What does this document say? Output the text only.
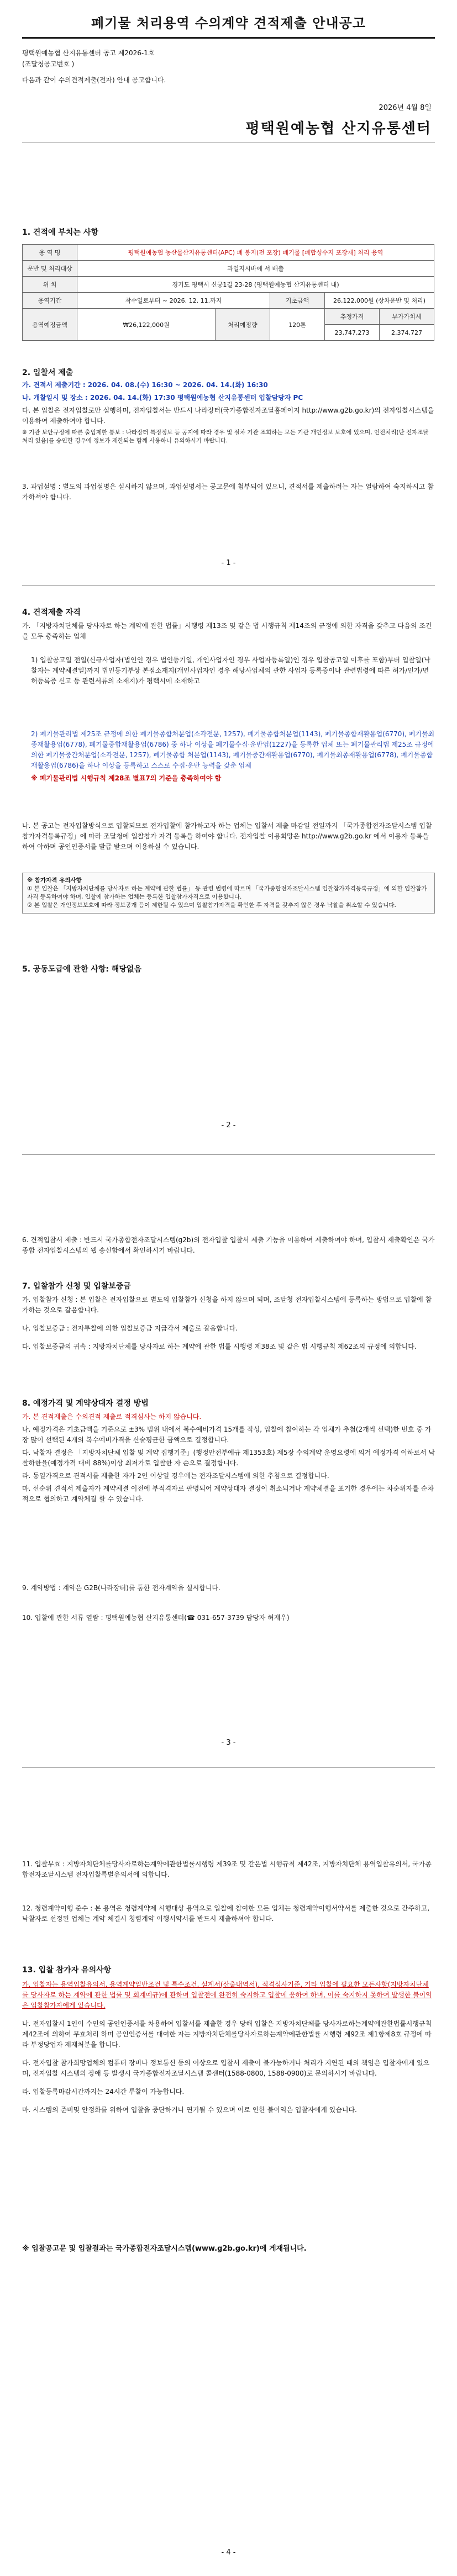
폐기물 처리용역 수의계약 견적제출 안내공고
평택원예농협 산지유통센터 공고 제2026-1호
(조달청공고번호 )
다음과 같이 수의견적제출(전자) 안내 공고합니다.
2026년 4월 8일
평택원예농협 산지유통센터
1. 견적에 부치는 사항
용 역 명	평택원예농협 농산물산지유통센터(APC) 폐 봉지(전 포장) 폐기물 [폐합성수지 포장재] 처리 용역				
운반 및 처리대상	과일지시바에 서 배출				
위 치	경기도 평택시 신궁1길 23-28 (평택원예농협 산지유통센터 내)				
용역기간	착수일로부터 ~ 2026. 12. 11.까지		기초금액	26,122,000원 (상차운반 및 처리)	
용역예정금액	₩26,122,000원	처리예정량	120톤	추정가격	부가가치세
				23,747,273	2,374,727
2. 입찰서 제출

가. 견적서 제출기간 : 2026. 04. 08.(수) 16:30 ~ 2026. 04. 14.(화) 16:30

나. 개찰일시 및 장소 : 2026. 04. 14.(화) 17:30 평택원예농협 산지유통센터 입찰담당자 PC

다. 본 입찰은 전자입찰로만 실행하며, 전자입찰서는 반드시 나라장터(국가종합전자조달홈페이지 http://www.g2b.go.kr)의 전자입찰시스템을 이용하여 제출하여야 합니다.

※ 기관 보안규정에 따른 출입제한 통보 : 나라장터 특정정보 등 공지에 따라 경우 및 절차 기관 조회하는 모든 기관 개인정보 보호에 있으며, 인전처리(단 전자조달 처리 있음)를 승인한 경우에 정보가 제한되는 함께 사용하니 유의하시기 바랍니다.

3. 과업설명 : 별도의 과업설명은 실시하지 않으며, 과업설명서는 공고문에 첨부되어 있으니, 견적서를 제출하려는 자는 열람하여 숙지하시고 참가하셔야 합니다.

- 1 -
4. 견적제출 자격

가. 「지방자치단체를 당사자로 하는 계약에 관한 법률」시행령 제13조 및 같은 법 시행규칙 제14조의 규정에 의한 자격을 갖추고 다음의 조건을 모두 충족하는 업체

1) 입찰공고일 전일(신규사업자(법인인 경우 법인등기일, 개인사업자인 경우 사업자등록일)인 경우 입찰공고일 이후를 포함)부터 입찰일(낙찰자는 계약체결일)까지 법인등기부상 본점소재지(개인사업자인 경우 해당사업체의 관한 사업자 등록증이나 관련법령에 따른 허가/인가/면허등록증 신고 등 관련서류의 소재지)가 평택시에 소재하고

2) 폐기물관리법 제25조 규정에 의한 폐기물종합처분업(소각전문, 1257), 폐기물종합처분업(1143), 폐기물종합재활용업(6770), 폐기물최종재활용업(6778), 폐기물중합재활용업(6786) 중 하나 이상을 폐기물수집·운반업(1227)을 등록한 업체 또는 폐기물관리법 제25조 규정에 의한 폐기물중간처분업(소각전문, 1257), 폐기물종합 처분업(1143), 폐기물중간재활용업(6770), 폐기물최종재활용업(6778), 폐기물종합재활용업(6786)을 하나 이상을 등록하고 스스로 수집·운반 능력을 갖춘 업체

※ 폐기물관리법 시행규칙 제28조 별표7의 기준을 충족하여야 함

나. 본 공고는 전자입찰방식으로 입찰되므로 전자입찰에 참가하고자 하는 업체는 입찰서 제출 마감일 전일까지 「국가종합전자조달시스템 입찰참가자격등록규정」에 따라 조달청에 입찰참가 자격 등록을 하여야 합니다. 전자입찰 이용희망은 http://www.g2b.go.kr 에서 이용자 등록을 하여 야하며 공인인증서를 발급 받으며 이용하실 수 있습니다.

※ 참가자격 유의사항
① 본 입찰은 「지방자치단체를 당사자로 하는 계약에 관한 법률」 등 관련 법령에 따르며 「국가종합전자조달시스템 입찰참가자격등록규정」에 의한 입찰참가자격 등록하여야 하며, 입찰에 참가하는 업체는 등록한 입찰참가자격으로 이용합니다.
② 본 입찰은 개인정보보호에 따라 정보공개 등이 제한될 수 있으며 입찰참가자격을 확인한 후 자격을 갖추지 않은 경우 낙찰을 취소할 수 있습니다.
5. 공동도급에 관한 사항: 해당없음
- 2 -

6. 견적입찰서 제출 : 반드시 국가종합전자조달시스템(g2b)의 전자입찰 입찰서 제출 기능을 이용하여 제출하여야 하며, 입찰서 제출확인은 국가종합 전자입찰시스템의 웹 송신함에서 확인하시기 바랍니다.

7. 입찰참가 신청 및 입찰보증금

가. 입찰참가 신청 : 본 입찰은 전자입찰으로 별도의 입찰참가 신청을 하지 않으며 되며, 조달청 전자입찰시스템에 등록하는 방법으로 입찰에 참가하는 것으로 갈음합니다.

나. 입찰보증금 : 전자투찰에 의한 입찰보증금 지급각서 제출로 갈음합니다.

다. 입찰보증금의 귀속 : 지방자치단체를 당사자로 하는 계약에 관한 법률 시행령 제38조 및 같은 법 시행규칙 제62조의 규정에 의합니다.

8. 예정가격 및 계약상대자 결정 방법

가. 본 견적제출은 수의견적 제출로 적격심사는 하지 않습니다.

나. 예정가격은 기초금액을 기준으로 ±3% 범위 내에서 복수예비가격 15개를 작성, 입찰에 참여하는 각 업체가 추첨(2개씩 선택)한 번호 중 가장 많이 선택된 4개의 복수예비가격을 산술평균한 금액으로 결정합니다.

다. 낙찰자 결정은 「지방자치단체 입찰 및 계약 집행기준」(행정안전부예규 제1353호) 제5장 수의계약 운영요령에 의거 예정가격 이하로서 낙찰하한율(예정가격 대비 88%)이상 최저가로 입찰한 자 순으로 결정합니다.

라. 동일가격으로 견적서를 제출한 자가 2인 이상일 경우에는 전자조달시스템에 의한 추첨으로 결정합니다.

마. 선순위 견적서 제출자가 계약체결 이전에 부적격자로 판명되어 계약상대자 결정이 취소되거나 계약체결을 포기한 경우에는 차순위자를 순차적으로 협의하고 계약체결 할 수 있습니다.

9. 계약방법 : 계약은 G2B(나라장터)를 통한 전자계약을 실시합니다.
10. 입찰에 관한 서류 열람 : 평택원예농협 산지유통센터(☎ 031-657-3739 담당자 허재우)
- 3 -

11. 입찰무효 : 지방자치단체를당사자로하는계약에관한법률시행령 제39조 및 같은법 시행규칙 제42조, 지방자치단체 용역입찰유의서, 국가종합전자조달시스템 전자입찰특별유의서에 의합니다.

12. 청렴계약이행 준수 : 본 용역은 청렴계약제 시행대상 용역으로 입찰에 참여한 모든 업체는 청렴계약이행서약서를 제출한 것으로 간주하고, 낙찰자로 선정된 업체는 계약 체결시 청렴계약 이행서약서를 반드시 제출하셔야 합니다.

13. 입찰 참가자 유의사항

가. 입찰자는 용역입찰유의서, 용역계약일반조건 및 특수조건, 설계서(산출내역서), 적격심사기준, 기타 입찰에 필요한 모든사항(지방자치단체를 당사자로 하는 계약에 관한 법률 및 회계예규)에 관하여 입찰전에 완전히 숙지하고 입찰에 응하여 하며, 이를 숙지하지 못하여 발생한 불이익은 입찰참가자에게 있습니다.

나. 전자입찰시 1인이 수인의 공인인증서를 차용하여 입찰서를 제출한 경우 당해 입찰은 지방자치단체를 당사자로하는계약에관한법률시행규칙 제42조에 의하여 무효처리 하며 공인인증서를 대여한 자는 지방자치단체를당사자로하는계약에관한법률 시행령 제92조 제1항제8호 규정에 따라 부정당업자 제재처분을 합니다.

다. 전자입찰 참가희망업체의 컴퓨터 장비나 정보통신 등의 이상으로 입찰서 제출이 불가능하거나 처리가 지연된 때의 책임은 입찰자에게 있으며, 전자입찰 시스템의 장애 등 발생시 국가종합전자조달시스템 콜센터(1588-0800, 1588-0900)로 문의하시기 바랍니다.

라. 입찰등록마감시간까지는 24시간 투찰이 가능합니다.

마. 시스템의 준비및 안정화를 위하여 입찰을 중단하거나 연기될 수 있으며 이로 인한 불이익은 입찰자에게 있습니다.

※ 입찰공고문 및 입찰결과는 국가종합전자조달시스템(www.g2b.go.kr)에 게재됩니다.
- 4 -
